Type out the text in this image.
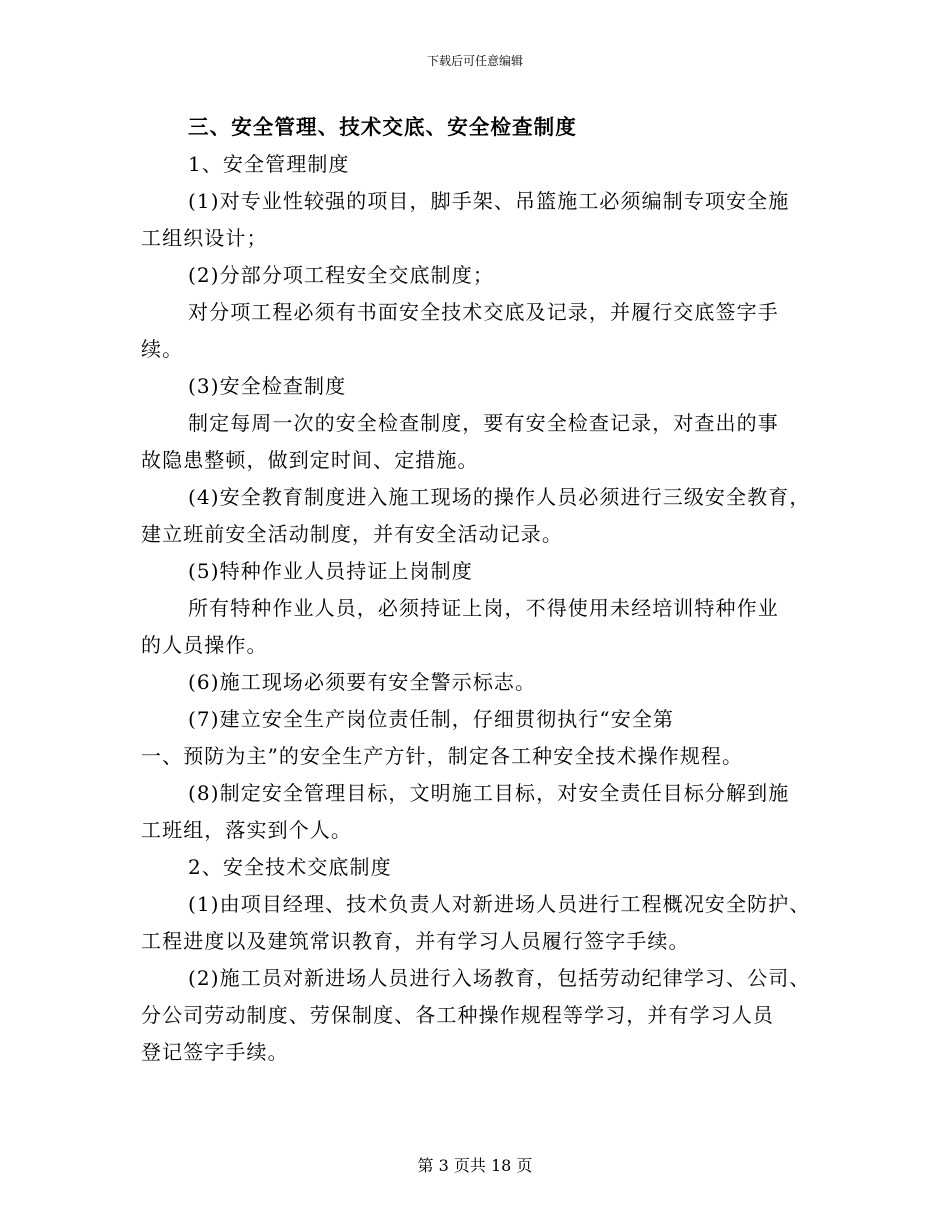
下载后可任意编辑
三、安全管理、技术交底、安全检查制度
1、安全管理制度
(1)对专业性较强的项目，脚手架、吊篮施工必须编制专项安全施
工组织设计；
(2)分部分项工程安全交底制度；
对分项工程必须有书面安全技术交底及记录，并履行交底签字手
续。
(3)安全检查制度
制定每周一次的安全检查制度，要有安全检查记录，对查出的事
故隐患整顿，做到定时间、定措施。
(4)安全教育制度进入施工现场的操作人员必须进行三级安全教育，
建立班前安全活动制度，并有安全活动记录。
(5)特种作业人员持证上岗制度
所有特种作业人员，必须持证上岗，不得使用未经培训特种作业
的人员操作。
(6)施工现场必须要有安全警示标志。
(7)建立安全生产岗位责任制，仔细贯彻执行“安全第
一、预防为主”的安全生产方针，制定各工种安全技术操作规程。
(8)制定安全管理目标，文明施工目标，对安全责任目标分解到施
工班组，落实到个人。
2、安全技术交底制度
(1)由项目经理、技术负责人对新进场人员进行工程概况安全防护、
工程进度以及建筑常识教育，并有学习人员履行签字手续。
(2)施工员对新进场人员进行入场教育，包括劳动纪律学习、公司、
分公司劳动制度、劳保制度、各工种操作规程等学习，并有学习人员
登记签字手续。
第 3 页共 18 页
